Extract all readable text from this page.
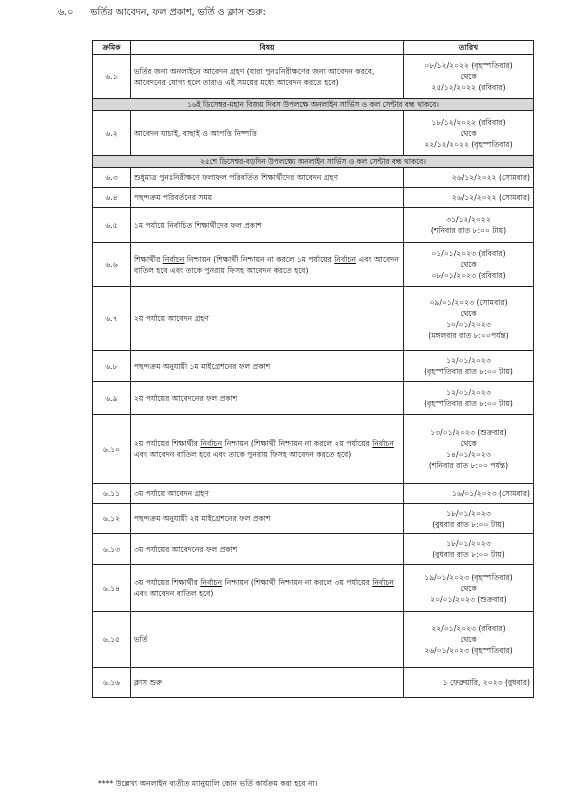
৬.০ ভর্তির আবেদন, ফল প্রকাশ, ভর্তি ও ক্লাস শুরু:
ক্রমিক	বিষয়	তারিখ
৬.১	ভর্তির জন্য অনলাইনে আবেদন গ্রহণ (যারা পুনঃনিরীক্ষণের জন্য আবেদন করবে, আবেদনের যোগ্য হলে তারাও এই সময়ের মধ্যে আবেদন করতে হবে)	০৮/১২/২০২২ (বৃহস্পতিবার)
থেকে
২৫/১২/২০২২ (রবিবার)

১৬ই ডিসেম্বর-মহান বিজয় দিবস উপলক্ষে অনলাইন সার্ভিস ও কল সেন্টার বন্ধ থাকবে।		
৬.২	আবেদন যাচাই, বাছাই ও আপত্তি নিষ্পত্তি	১৮/১২/২০২২ (রবিবার)
থেকে
২২/১২/২০২২ (বৃহস্পতিবার)

২৫শে ডিসেম্বর-বড়দিন উপলক্ষ্যে অনলাইন সার্ভিস ও কল সেন্টার বন্ধ থাকবে।		
৬.৩	শুধুমাত্র পুনঃনিরীক্ষণে ফলাফল পরিবর্তিত শিক্ষার্থীদের আবেদন গ্রহণ	২৬/১২/২০২২ (সোমবার)

৬.৪	পছন্দক্রম পরিবর্তনের সময়	২৬/১২/২০২২ (সোমবার)

৬.৫	১ম পর্যায়ে নির্বাচিত শিক্ষার্থীদের ফল প্রকাশ	৩১/১২/২০২২
(শনিবার রাত ৮:০০ টায়)

৬.৬	শিক্ষার্থীর নির্বাচন নিশ্চায়ন (শিক্ষার্থী নিশ্চায়ন না করলে ১ম পর্যায়ের নির্বাচন এবং আবেদন বাতিল হবে এবং তাকে পুনরায় ফিসহ আবেদন করতে হবে)	০১/০১/২০২৩ (রবিবার)
থেকে
০৮/০১/২০২৩ (রবিবার)

৬.৭	২য় পর্যায়ে আবেদন গ্রহণ	০৯/০১/২০২৩ (সোমবার)
থেকে
১০/০১/২০২৩
(মঙ্গলবার রাত ৮:০০পর্যন্ত)

৬.৮	পছন্দক্রম অনুযায়ী ১ম মাইগ্রেশনের ফল প্রকাশ	১২/০১/২০২৩
(বৃহস্পতিবার রাত ৮:০০ টায়)

৬.৯	২য় পর্যায়ের আবেদনের ফল প্রকাশ	১২/০১/২০২৩
(বৃহস্পতিবার রাত ৮:০০ টায়)

৬.১০	২য় পর্যায়ের শিক্ষার্থীর নির্বাচন নিশ্চায়ন (শিক্ষার্থী নিশ্চায়ন না করলে ২য় পর্যায়ের নির্বাচন এবং আবেদন বাতিল হবে এবং তাকে পুনরায় ফিসহ আবেদন করতে হবে)	১৩/০১/২০২৩ (শুক্রবার)
থেকে
১৪/০১/২০২৩
(শনিবার রাত ৮:০০ পর্যন্ত)

৬.১১	৩য় পর্যায়ে আবেদন গ্রহণ	১৬/০১/২০২৩ (সোমবার)

৬.১২	পছন্দক্রম অনুযায়ী ২য় মাইগ্রেশনের ফল প্রকাশ	১৮/০১/২০২৩
(বুধবার রাত ৮:০০ টায়)

৬.১৩	৩য় পর্যায়ের আবেদনের ফল প্রকাশ	১৮/০১/২০২৩
(বুধবার রাত ৮:০০ টায়)

৬.১৪	৩য় পর্যায়ের শিক্ষার্থীর নির্বাচন নিশ্চায়ন (শিক্ষার্থী নিশ্চায়ন না করলে ৩য় পর্যায়ের নির্বাচন এবং আবেদন বাতিল হবে)	১৯/০১/২০২৩ (বৃহস্পতিবার)
থেকে
২০/০১/২০২৩ (শুক্রবার)

৬.১৫	ভর্তি	২২/০১/২০২৩ (রবিবার)
থেকে
২৬/০১/২০২৩ (বৃহস্পতিবার)

৬.১৬	ক্লাস শুরু	১ ফেব্রুয়ারি, ২০২৩ (বুধবার)
**** উল্লেখ্য অনলাইন ব্যতীত ম্যানুয়ালি কোন ভর্তি কার্যক্রম করা হবে না।
